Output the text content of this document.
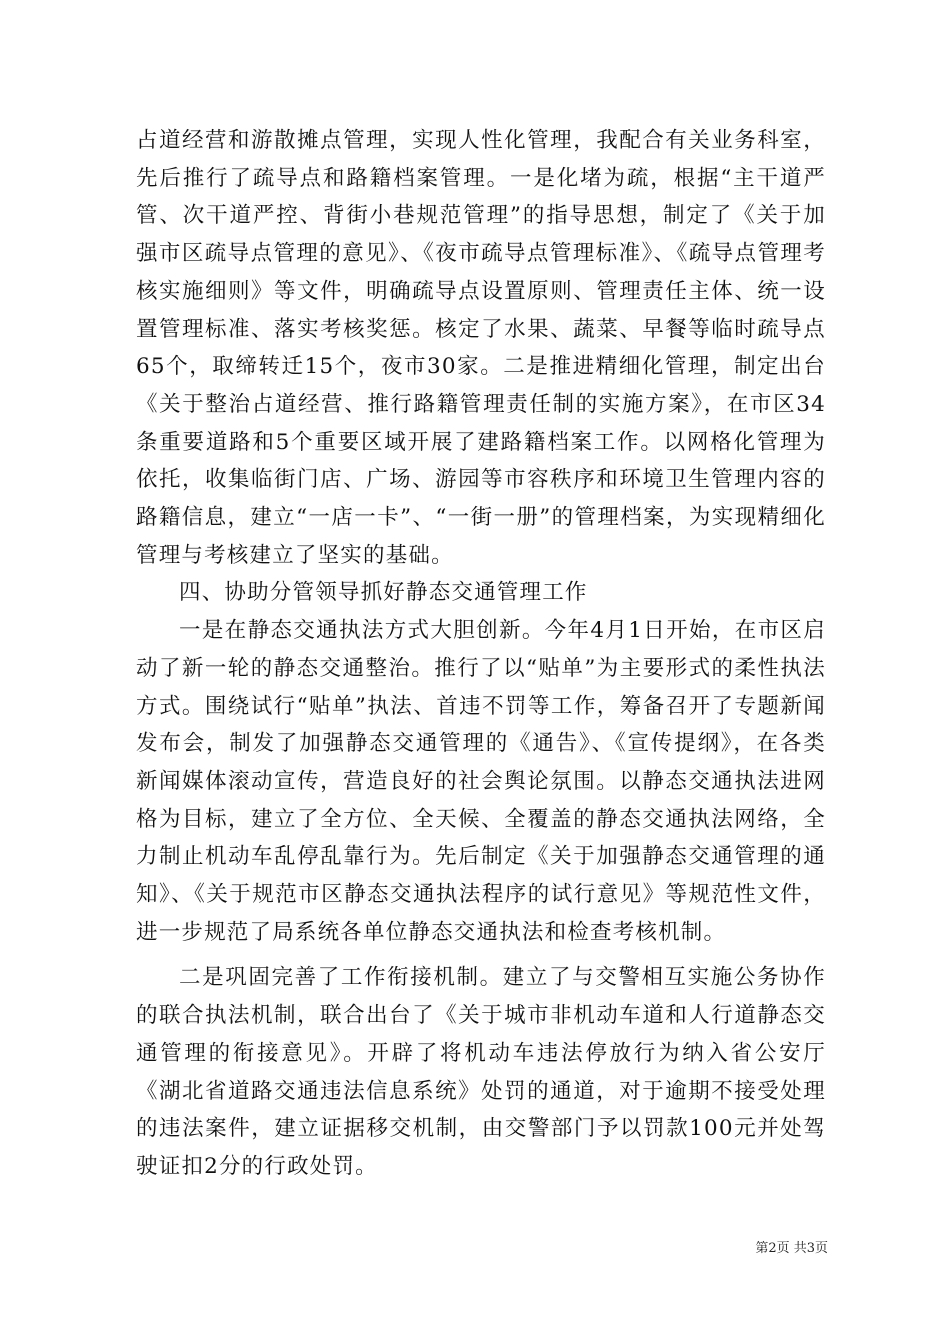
占道经营和游散摊点管理，实现人性化管理，我配合有关业务科室，先后推行了疏导点和路籍档案管理。一是化堵为疏，根据“主干道严管、次干道严控、背街小巷规范管理”的指导思想，制定了《关于加强市区疏导点管理的意见》、《夜市疏导点管理标准》、《疏导点管理考核实施细则》等文件，明确疏导点设置原则、管理责任主体、统一设置管理标准、落实考核奖惩。核定了水果、蔬菜、早餐等临时疏导点65个，取缔转迁15个，夜市30家。二是推进精细化管理，制定出台《关于整治占道经营、推行路籍管理责任制的实施方案》，在市区34条重要道路和5个重要区域开展了建路籍档案工作。以网格化管理为依托，收集临街门店、广场、游园等市容秩序和环境卫生管理内容的路籍信息，建立“一店一卡”、“一街一册”的管理档案，为实现精细化管理与考核建立了坚实的基础。

四、协助分管领导抓好静态交通管理工作

一是在静态交通执法方式大胆创新。今年4月1日开始，在市区启动了新一轮的静态交通整治。推行了以“贴单”为主要形式的柔性执法方式。围绕试行“贴单”执法、首违不罚等工作，筹备召开了专题新闻发布会，制发了加强静态交通管理的《通告》、《宣传提纲》，在各类新闻媒体滚动宣传，营造良好的社会舆论氛围。以静态交通执法进网格为目标，建立了全方位、全天候、全覆盖的静态交通执法网络，全力制止机动车乱停乱靠行为。先后制定《关于加强静态交通管理的通知》、《关于规范市区静态交通执法程序的试行意见》等规范性文件，进一步规范了局系统各单位静态交通执法和检查考核机制。

二是巩固完善了工作衔接机制。建立了与交警相互实施公务协作的联合执法机制，联合出台了《关于城市非机动车道和人行道静态交通管理的衔接意见》。开辟了将机动车违法停放行为纳入省公安厅《湖北省道路交通违法信息系统》处罚的通道，对于逾期不接受处理的违法案件，建立证据移交机制，由交警部门予以罚款100元并处驾驶证扣2分的行政处罚。

第2页 共3页
